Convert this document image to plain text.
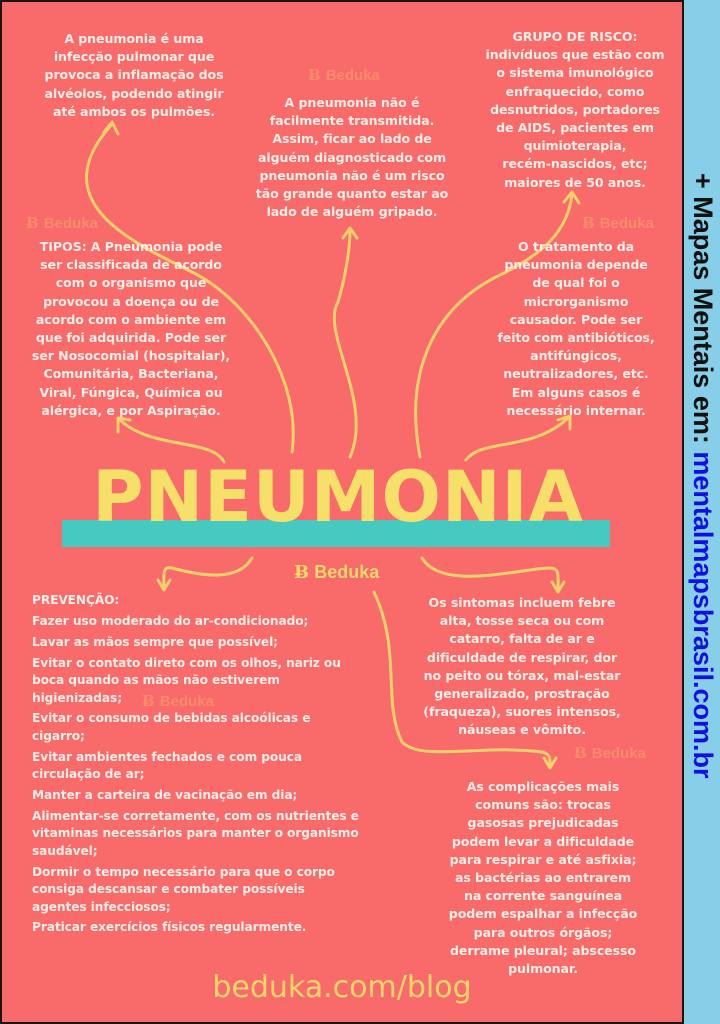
Ƀ Beduka
Ƀ Beduka	Ƀ Beduka
Ƀ Beduka
Ƀ Beduka

A pneumonia é uma

infecção pulmonar que

provoca a inflamação dos

alvéolos, podendo atingir

até ambos os pulmões.

A pneumonia não é

facilmente transmitida.

Assim, ficar ao lado de

alguém diagnosticado com

pneumonia não é um risco

tão grande quanto estar ao

lado de alguém gripado.

GRUPO DE RISCO:

indivíduos que estão com

o sistema imunológico

enfraquecido, como

desnutridos, portadores

de AIDS, pacientes em

quimioterapia,

recém-nascidos, etc;

maiores de 50 anos.

TIPOS: A Pneumonia pode

ser classificada de acordo

com o organismo que

provocou a doença ou de

acordo com o ambiente em

que foi adquirida. Pode ser

ser Nosocomial (hospitalar),

Comunitária, Bacteriana,

Viral, Fúngica, Química ou

alérgica, e por Aspiração.

O tratamento da

pneumonia depende

de qual foi o

microrganismo

causador. Pode ser

feito com antibióticos,

antifúngicos,

neutralizadores, etc.

Em alguns casos é

necessário internar.

PNEUMONIA
Ƀ Beduka

PREVENÇÃO:

Fazer uso moderado do ar-condicionado;

Lavar as mãos sempre que possível;

Evitar o contato direto com os olhos, nariz ou boca quando as mãos não estiverem higienizadas;

Evitar o consumo de bebidas alcoólicas e cigarro;

Evitar ambientes fechados e com pouca circulação de ar;

Manter a carteira de vacinação em dia;

Alimentar-se corretamente, com os nutrientes e vitaminas necessários para manter o organismo saudável;

Dormir o tempo necessário para que o corpo consiga descansar e combater possíveis agentes infecciosos;

Praticar exercícios físicos regularmente.

Os sintomas incluem febre

alta, tosse seca ou com

catarro, falta de ar e

dificuldade de respirar, dor

no peito ou tórax, mal-estar

generalizado, prostração

(fraqueza), suores intensos,

náuseas e vômito.

As complicações mais

comuns são: trocas

gasosas prejudicadas

podem levar a dificuldade

para respirar e até asfixia;

as bactérias ao entrarem

na corrente sanguínea

podem espalhar a infecção

para outros órgãos;

derrame pleural; abscesso

pulmonar.

beduka.com/blog
+ Mapas Mentais em: mentalmapsbrasil.com.br
